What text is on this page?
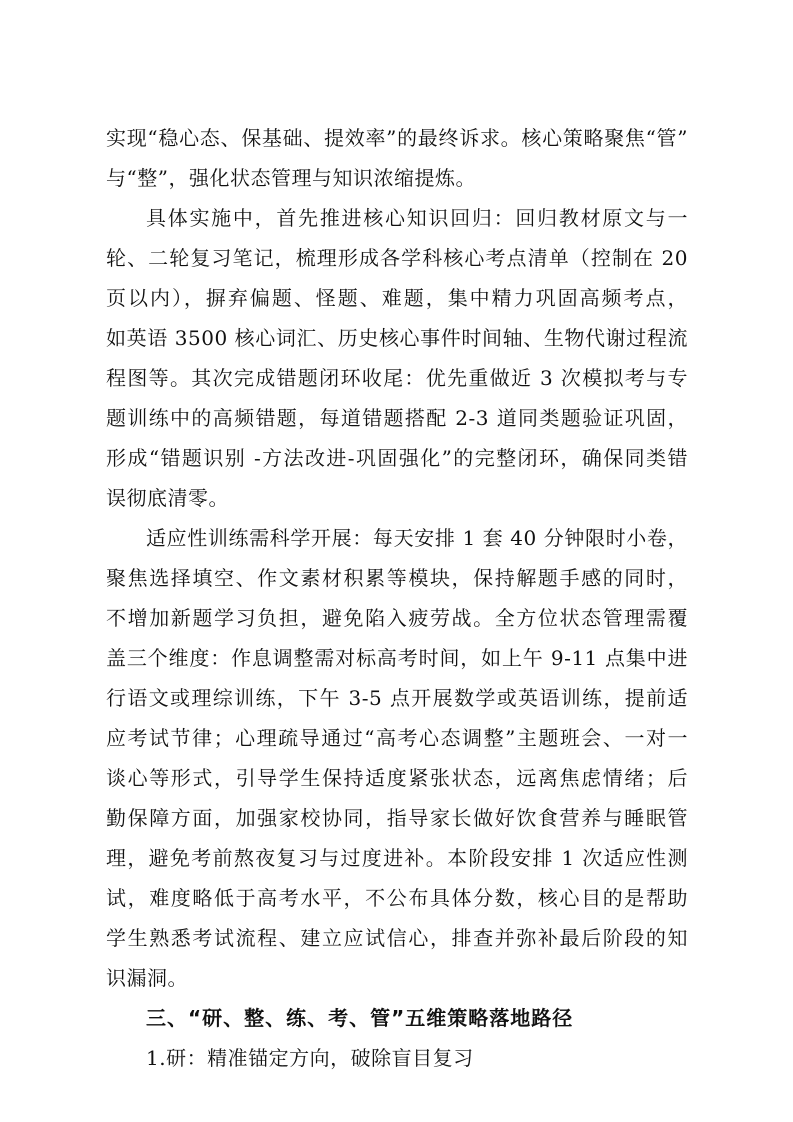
实现“稳心态、保基础、提效率”的最终诉求。核心策略聚焦“管”
与“整”，强化状态管理与知识浓缩提炼。
具体实施中，首先推进核心知识回归：回归教材原文与一
轮、二轮复习笔记，梳理形成各学科核心考点清单（控制在 20
页以内），摒弃偏题、怪题、难题，集中精力巩固高频考点，
如英语 3500 核心词汇、历史核心事件时间轴、生物代谢过程流
程图等。其次完成错题闭环收尾：优先重做近 3 次模拟考与专
题训练中的高频错题，每道错题搭配 2-3 道同类题验证巩固，
形成“错题识别 -方法改进-巩固强化”的完整闭环，确保同类错
误彻底清零。
适应性训练需科学开展：每天安排 1 套 40 分钟限时小卷，
聚焦选择填空、作文素材积累等模块，保持解题手感的同时，
不增加新题学习负担，避免陷入疲劳战。全方位状态管理需覆
盖三个维度：作息调整需对标高考时间，如上午 9-11 点集中进
行语文或理综训练，下午 3-5 点开展数学或英语训练，提前适
应考试节律；心理疏导通过“高考心态调整”主题班会、一对一
谈心等形式，引导学生保持适度紧张状态，远离焦虑情绪；后
勤保障方面，加强家校协同，指导家长做好饮食营养与睡眠管
理，避免考前熬夜复习与过度进补。本阶段安排 1 次适应性测
试，难度略低于高考水平，不公布具体分数，核心目的是帮助
学生熟悉考试流程、建立应试信心，排查并弥补最后阶段的知
识漏洞。
三、“研、整、练、考、管”五维策略落地路径
1.研：精准锚定方向，破除盲目复习
